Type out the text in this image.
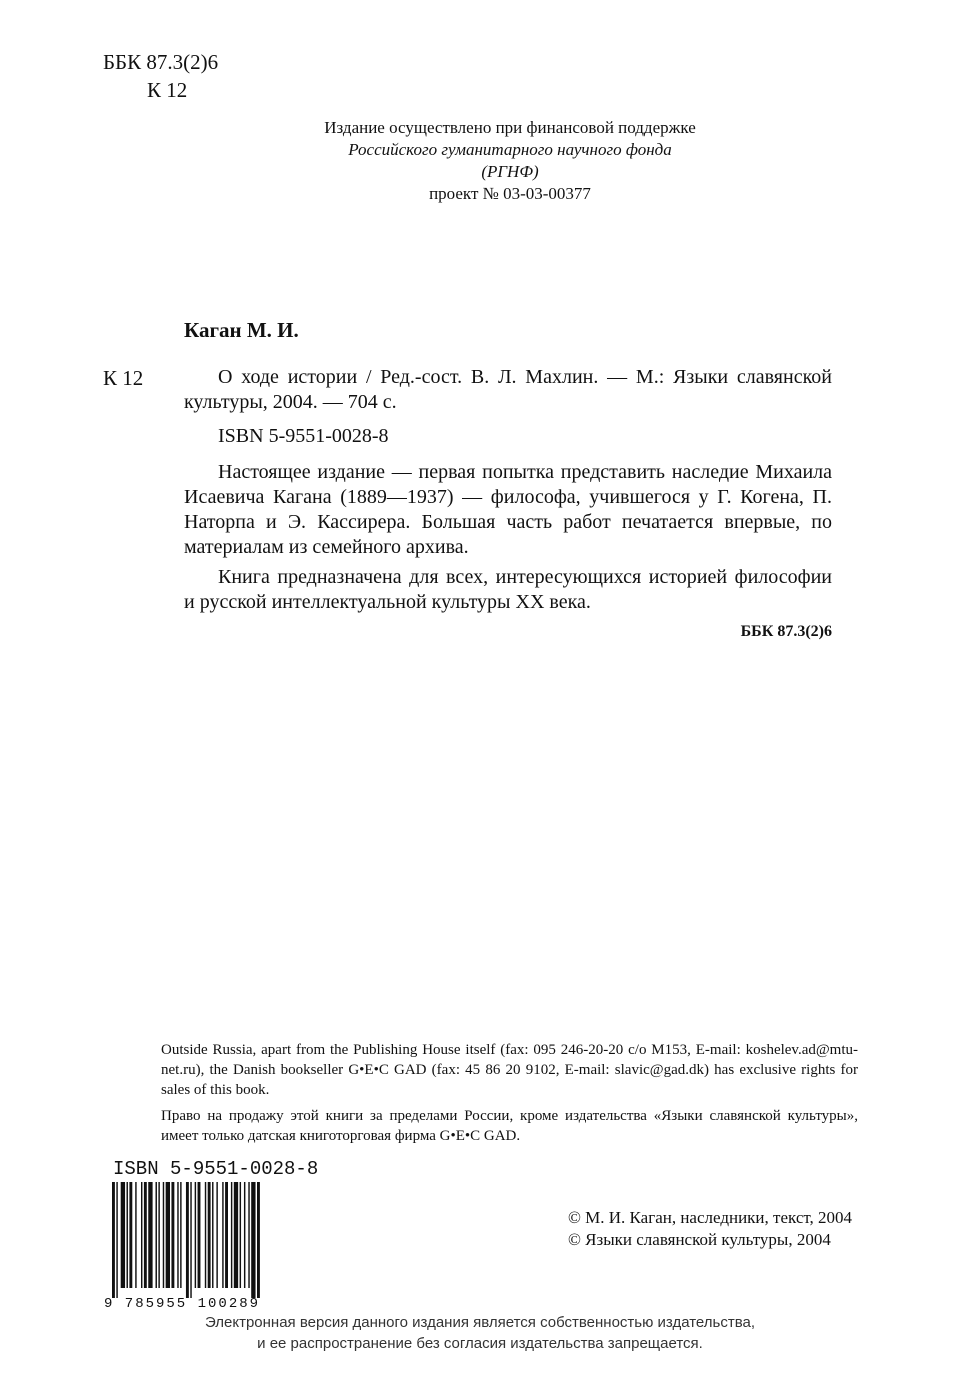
ББК 87.3(2)6
К 12
Издание осуществлено при финансовой поддержке
Российского гуманитарного научного фонда
(РГНФ)
проект № 03-03-00377
Каган М. И.
К 12	О ходе истории / Ред.-сост. В. Л. Махлин. — М.: Языки славянской культуры, 2004. — 704 с.

ISBN 5-9551-0028-8

Настоящее издание — первая попытка представить наследие Михаила Исаевича Кагана (1889—1937) — философа, учившегося у Г. Когена, П. Наторпа и Э. Кассирера. Большая часть работ печатается впервые, по материалам из семейного архива.

Книга предназначена для всех, интересующихся историей философии и русской интеллектуальной культуры XX века.

ББК 87.3(2)6

Outside Russia, apart from the Publishing House itself (fax: 095 246-20-20 c/o M153, E-mail: koshelev.ad@mtu-net.ru), the Danish bookseller G•E•C GAD (fax: 45 86 20 9102, E-mail: slavic@gad.dk) has exclusive rights for sales of this book.

Право на продажу этой книги за пределами России, кроме издательства «Языки славянской культуры», имеет только датская книготорговая фирма G•E•C GAD.

ISBN 5-9551-0028-8
9 785955 100289
© М. И. Каган, наследники, текст, 2004
© Языки славянской культуры, 2004
Электронная версия данного издания является собственностью издательства,
и ее распространение без согласия издательства запрещается.
